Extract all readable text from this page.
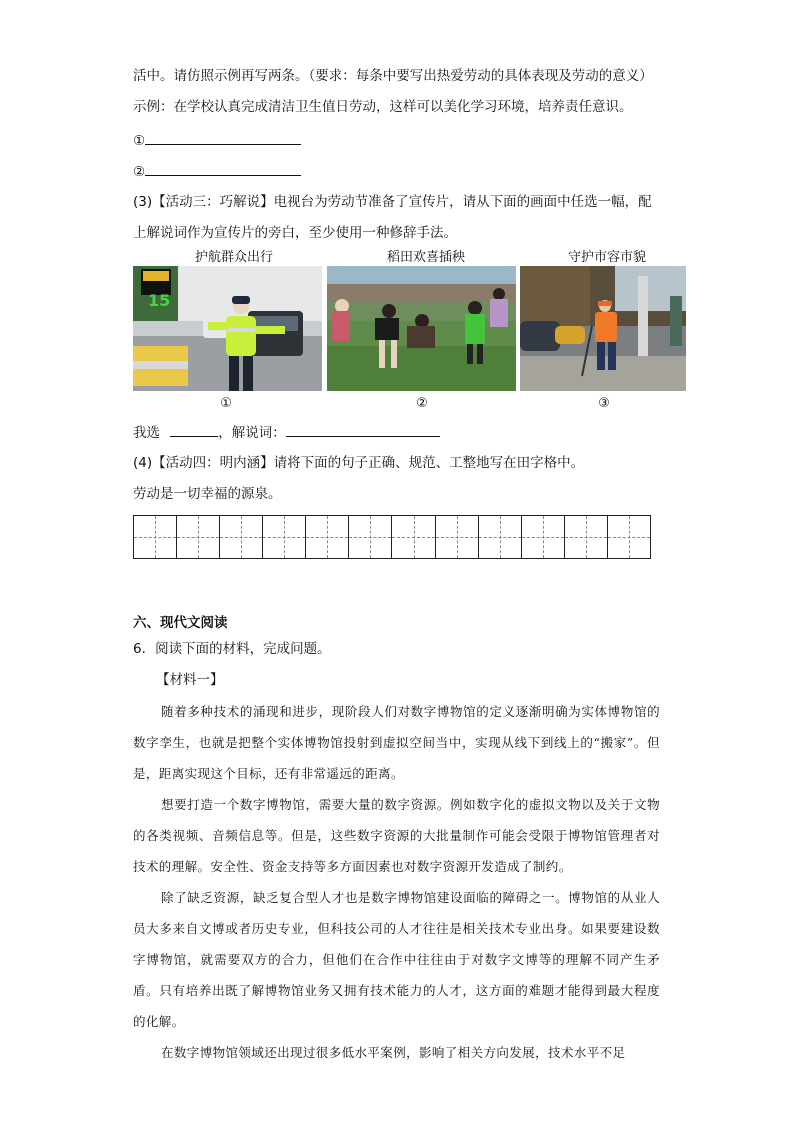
活中。请仿照示例再写两条。（要求：每条中要写出热爱劳动的具体表现及劳动的意义）
示例：在学校认真完成清洁卫生值日劳动，这样可以美化学习环境，培养责任意识。
①
②
(3)【活动三：巧解说】电视台为劳动节准备了宣传片，请从下面的画面中任选一幅，配
上解说词作为宣传片的旁白，至少使用一种修辞手法。
护航群众出行	稻田欢喜插秧	守护市容市貌
15
①	②	③
我选	，解说词：
(4)【活动四：明内涵】请将下面的句子正确、规范、工整地写在田字格中。
劳动是一切幸福的源泉。
六、现代文阅读
6．阅读下面的材料，完成问题。
【材料一】
随着多种技术的涌现和进步，现阶段人们对数字博物馆的定义逐渐明确为实体博物馆的数字孪生，也就是把整个实体博物馆投射到虚拟空间当中，实现从线下到线上的“搬家”。但是，距离实现这个目标，还有非常遥远的距离。
想要打造一个数字博物馆，需要大量的数字资源。例如数字化的虚拟文物以及关于文物的各类视频、音频信息等。但是，这些数字资源的大批量制作可能会受限于博物馆管理者对技术的理解。安全性、资金支持等多方面因素也对数字资源开发造成了制约。
除了缺乏资源，缺乏复合型人才也是数字博物馆建设面临的障碍之一。博物馆的从业人员大多来自文博或者历史专业，但科技公司的人才往往是相关技术专业出身。如果要建设数字博物馆，就需要双方的合力，但他们在合作中往往由于对数字文博等的理解不同产生矛盾。只有培养出既了解博物馆业务又拥有技术能力的人才，这方面的难题才能得到最大程度的化解。
在数字博物馆领域还出现过很多低水平案例，影响了相关方向发展，技术水平不足
